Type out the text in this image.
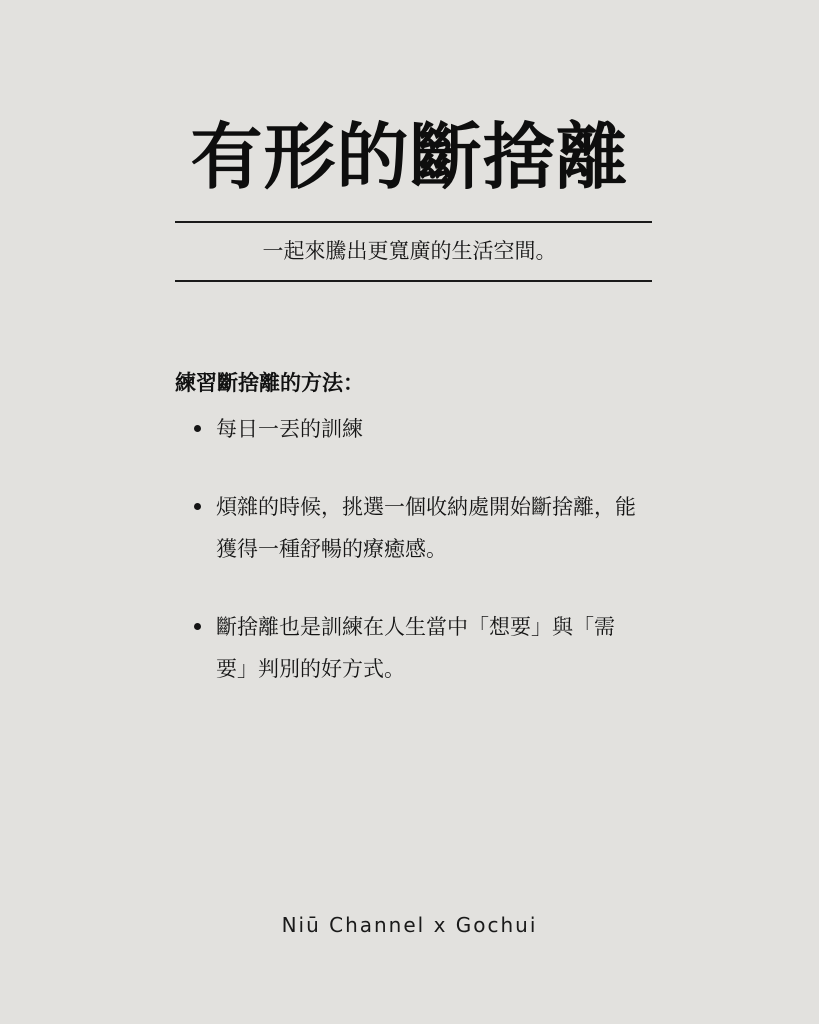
有形的斷捨離
一起來騰出更寬廣的生活空間。
練習斷捨離的方法：
每日一丟的訓練
煩雜的時候，挑選一個收納處開始斷捨離，能獲得一種舒暢的療癒感。
斷捨離也是訓練在人生當中「想要」與「需要」判別的好方式。
Niū Channel x Gochui
